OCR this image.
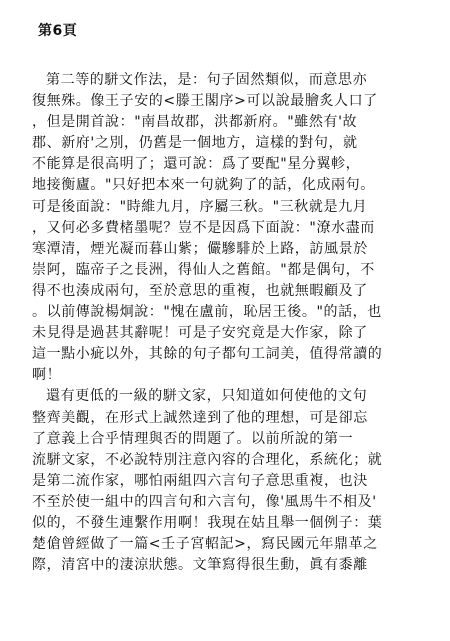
第6頁
第二等的駢文作法，是：句子固然類似，而意思亦
復無殊。像王子安的<滕王閣序>可以說最膾炙人口了
，但是開首說："南昌故郡，洪都新府。"雖然有'故
郡、新府'之別，仍舊是一個地方，這樣的對句，就
不能算是很高明了；還可說：爲了要配"星分翼軫，
地接衡廬。"只好把本來一句就夠了的話，化成兩句。
可是後面說："時維九月，序屬三秋。"三秋就是九月
，又何必多費楮墨呢？豈不是因爲下面說："潦水盡而
寒潭清，煙光凝而暮山紫；儼驂騑於上路，訪風景於
崇阿，臨帝子之長洲，得仙人之舊館。"都是偶句，不
得不也湊成兩句，至於意思的重複，也就無暇顧及了
。以前傳說楊炯說："愧在盧前，恥居王後。"的話，也
未見得是過甚其辭呢！可是子安究竟是大作家，除了
這一點小疵以外，其餘的句子都句工詞美，值得常讀的
啊！
還有更低的一級的駢文家，只知道如何使他的文句
整齊美觀，在形式上誠然達到了他的理想，可是卻忘
了意義上合乎情理與否的問題了。以前所說的第一
流駢文家，不必說特別注意內容的合理化，系統化；就
是第二流作家，哪怕兩組四六言句子意思重複，也決
不至於使一組中的四言句和六言句，像'風馬牛不相及'
似的，不發生連繫作用啊！我現在姑且舉一個例子：葉
楚傖曾經做了一篇<壬子宮軺記>，寫民國元年鼎革之
際，清宮中的淒涼狀態。文筆寫得很生動，眞有黍離
